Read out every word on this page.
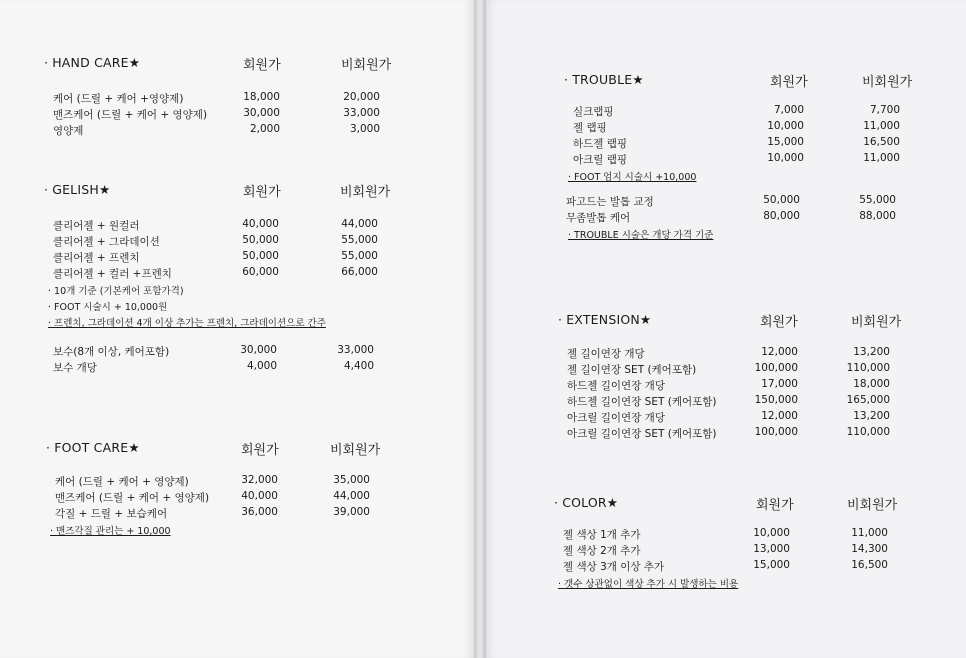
· HAND CARE★	회원가	비회원가
케어 (드릴 + 케어 +영양제)	18,000	20,000
맨즈케어 (드릴 + 케어 + 영양제)	30,000	33,000
영양제	2,000	3,000
· GELISH★	회원가	비회원가
클리어젤 + 원컬러	40,000	44,000
클리어젤 + 그라데이션	50,000	55,000
클리어젤 + 프렌치	50,000	55,000
클리어젤 + 컬러 +프렌치	60,000	66,000
· 10개 기준 (기본케어 포함가격)
· FOOT 시술시 + 10,000원
· 프렌치, 그라데이션 4개 이상 추가는 프렌치, 그라데이션으로 간주
보수(8개 이상, 케어포함)	30,000	33,000
보수 개당	4,000	4,400
· FOOT CARE★	회원가	비회원가
케어 (드릴 + 케어 + 영양제)	32,000	35,000
맨즈케어 (드릴 + 케어 + 영양제)	40,000	44,000
각질 + 드릴 + 보습케어	36,000	39,000
· 맨즈각질 관리는 + 10,000
· TROUBLE★	회원가	비회원가
실크랩핑	7,000	7,700
젤 랩핑	10,000	11,000
하드젤 랩핑	15,000	16,500
아크릴 랩핑	10,000	11,000
· FOOT 엄지 시술시 +10,000
파고드는 발톱 교정	50,000	55,000
무좀발톱 케어	80,000	88,000
· TROUBLE 시술은 개당 가격 기준
· EXTENSION★	회원가	비회원가
젤 길이연장 개당	12,000	13,200
젤 길이연장 SET (케어포함)	100,000	110,000
하드젤 길이연장 개당	17,000	18,000
하드젤 길이연장 SET (케어포함)	150,000	165,000
아크릴 길이연장 개당	12,000	13,200
아크릴 길이연장 SET (케어포함)	100,000	110,000
· COLOR★	회원가	비회원가
젤 색상 1개 추가	10,000	11,000
젤 색상 2개 추가	13,000	14,300
젤 색상 3개 이상 추가	15,000	16,500
· 갯수 상관없이 색상 추가 시 발생하는 비용
